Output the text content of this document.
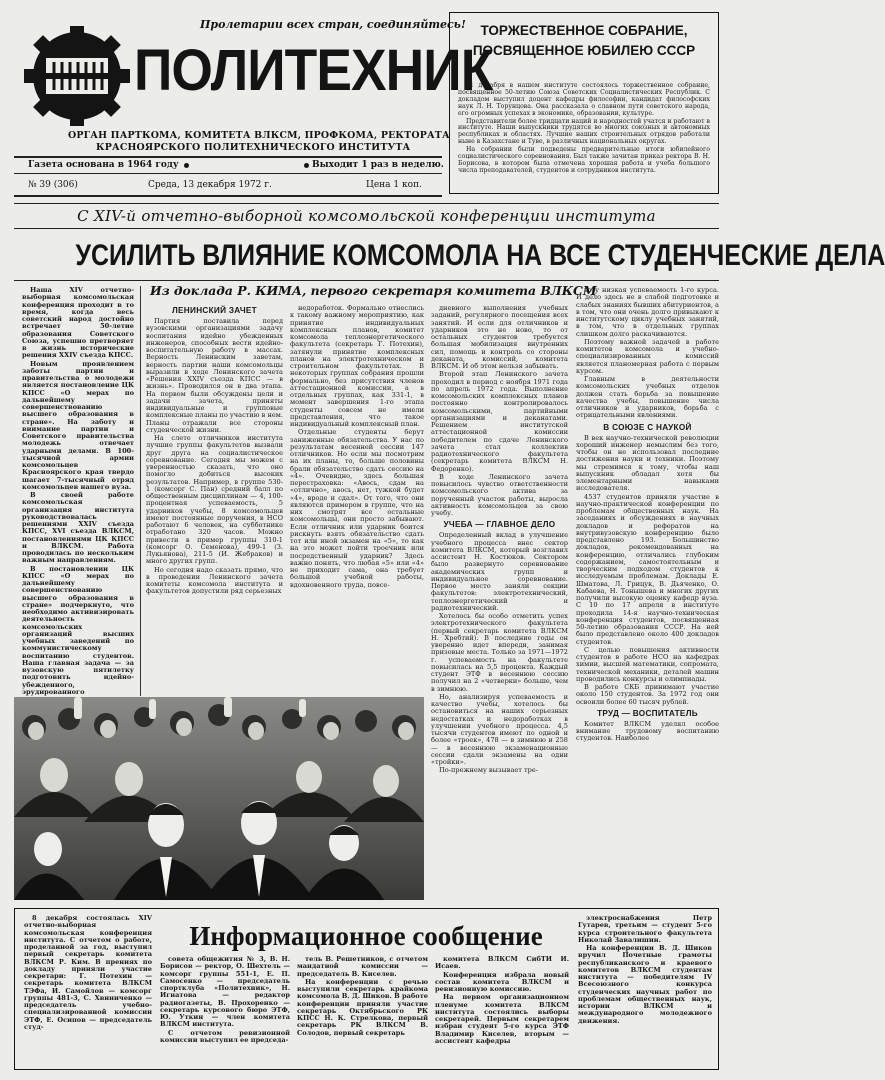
Пролетарии всех стран, соединяйтесь!
ПОЛИТЕХНИК
ОРГАН ПАРТКОМА, КОМИТЕТА ВЛКСМ, ПРОФКОМА, РЕКТОРАТА
КРАСНОЯРСКОГО ПОЛИТЕХНИЧЕСКОГО ИНСТИТУТА
Газета основана в 1964 году	Выходит 1 раз в неделю.
№ 39 (306)	Среда, 13 декабря 1972 г.	Цена 1 коп.
ТОРЖЕСТВЕННОЕ СОБРАНИЕ,
ПОСВЯЩЕННОЕ ЮБИЛЕЮ СССР

11 декабря в нашем институте состоялось торжественное собрание, посвященное 50-летию Союза Советских Социалистических Республик. С докладом выступил доцент кафедры философии, кандидат философских наук Л. Н. Торунцова. Она рассказала о славном пути советского народа, его огромных успехах в экономике, образовании, культуре.

Представители более тридцати наций и народностей учатся и работают в институте. Наши выпускники трудятся во многих союзных и автономных республиках и областях. Лучшие наших строительных отрядов работали ныне в Казахстане и Туве, в различных национальных округах.

На собрании были подведены предварительные итоги юбилейного социалистического соревнования. Был также зачитан приказ ректора В. Н. Борисова, в котором была отмечена хорошая работа и учеба большого числа преподавателей, студентов и сотрудников института.

С XIV-й отчетно-выборной комсомольской конференции института
УСИЛИТЬ ВЛИЯНИЕ КОМСОМОЛА НА ВСЕ СТУДЕНЧЕСКИЕ ДЕЛА
Из доклада Р. КИМА, первого секретаря комитета ВЛКСМ

Наша XIV отчетно-выборная комсомольская конференция проходит в то время, когда весь советский народ достойно встречает 50-летие образования Советского Союза, успешно претворяет в жизнь исторические решения XXIV съезда КПСС.

Новым проявлением заботы партии и правительства о молодежи является постановление ЦК КПСС «О мерах по дальнейшему совершенствованию высшего образования в стране». На заботу и внимание партии и Советского правительства молодежь отвечает ударными делами. В 100-тысячной армии комсомольцев Красноярского края твердо шагает 7-тысячный отряд комсомольцев нашего вуза.

В своей работе комсомольская организация института руководствовалась решениями XXIV съезда КПСС, XVI съезда ВЛКСМ, постановлениями ЦК КПСС и ВЛКСМ. Работа проводилась по нескольким важным направлениям.

В постановлении ЦК КПСС «О мерах по дальнейшему совершенствованию высшего образования в стране» подчеркнуто, что необходимо активизировать деятельность комсомольских организаций высших учебных заведений по коммунистическому воспитанию студентов. Наша главная задача — за вузовскую пятилетку подготовить идейно-убежденного, эрудированного

ЛЕНИНСКИЙ ЗАЧЕТ

Партия поставила перед вузовскими организациями задачу воспитания идейно убежденных инженеров, способных вести идейно-воспитательную работу в массах. Верность Ленинским заветам, верность партии наши комсомольцы выразили в ходе Ленинского зачета «Решения XXIV съезда КПСС — в жизнь». Проводился он в два этапа. На первом были обсуждены цели и задачи зачета, приняты индивидуальные и групповые комплексные планы по участию в нем. Планы отражали все стороны студенческой жизни.

На слете отличников института лучшие группы факультетов вызвали друг друга на социалистическое соревнование. Сегодня мы можем с уверенностью сказать, что оно помогло добиться высоких результатов. Например, в группе 530-1 (комсорг С. Пан) средний балл по общественным дисциплинам — 4, 100-процентная успеваемость, 5 ударников учебы, 8 комсомольцев имеют постоянные поручения, в НСО работают 6 человек, на субботнике отработано 320 часов. Можно привести в пример группы 310-1 (комсорг О. Семенова), 499-1 (З. Лукьянова), 211-5 (И. Жебраков) и много других групп.

Но сегодня надо сказать прямо, что в проведении Ленинского зачета комитеты комсомола института и факультетов допустили ряд серьезных

недоработок. Формально отнеслись к такому важному мероприятию, как принятие индивидуальных комплексных планов, комитет комсомола теплоэнергетического факультета (секретарь Г. Потехин), затянули принятие комплексных планов на электротехническом и строительном факультетах. В некоторых группах собрания прошли формально, без присутствия членов аттестационной комиссии, а в отдельных группах, как 331-1, в момент завершения 1-го этапа студенты совсем не имели представления, что такое индивидуальный комплексный план.

Отдельные студенты берут заниженные обязательства. У нас по результатам весенней сессии 147 отличников. Но если мы посмотрим на их планы, то, больше половины брали обязательство сдать сессию на «4». Очевидно, здесь большая перестраховка: «Авось, сдам на «отлично», авось, нет, тужкой будет «4», вроде и сдал». От того, что они являются примером в группе, что на них смотрят все остальные комсомольцы, они просто забывают. Если отличник или ударник боится рискнуть взять обязательство сдать тот или иной экзамен на «5», то как на это может пойти троечник или посредственный ударник? Здесь важно понять, что любая «5» или «4» не приходит сама, она требует большой учебной работы, вдохновенного труда, повсе-

дневного выполнения учебных заданий, регулярного посещения всех занятий. И если для отличников и ударников это не ново, то от остальных студентов требуется большая мобилизация внутренних сил, помощь и контроль со стороны деканата, комиссий, комитета ВЛКСМ. И об этом нельзя забывать.

Второй этап Ленинского зачета проходил в период с ноября 1971 года по апрель 1972 года. Выполнение комсомольских комплексных планов постоянно контролировалось комсомольскими, партийными организациями и деканатами. Решением институтской аттестационной комиссии победителем по сдаче Ленинского зачета стал коллектив радиотехнического факультета (секретарь комитета ВЛКСМ Н. Федоренко).

В ходе Ленинского зачета повысилось чувство ответственности комсомольского актива за порученный участок работы, выросла активность комсомольцев за свою учебу.

УЧЕБА — ГЛАВНОЕ ДЕЛО

Определенный вклад в улучшение учебного процесса внес сектор комитета ВЛКСМ, который возглавил ассистент Н. Костюков. Сектором было развернуто соревнование академических групп и индивидуальное соревнование. Первое место заняли секции факультетов: электротехнический, теплоэнергетический и радиотехнический.

Хотелось бы особо отметить успех электротехнического факультета (первый секретарь комитета ВЛКСМ Н. Хребтий). В последние годы он уверенно идет впереди, занимая призовые места. Только за 1971—1972 г. успеваемость на факультете повысилась на 5,5 процента. Каждый студент ЭТФ в весеннюю сессию получил на 2 «четверки» больше, чем в зимнюю.

Но, анализируя успеваемость и качество учебы, хотелось бы остановиться на наших серьезных недостатках и недоработках в улучшении учебного процесса. 4,5 тысячи студентов имеют по одной и более «троек», 478 — в зимнюю и 258 — в весеннюю экзаменационные сессии сдали экзамены на одни «тройки».

По-прежнему вызывает тре-

вогу низкая успеваемость 1-го курса. И дело здесь не в слабой подготовке и слабых знаниях бывших абитуриентов, а в том, что они очень долго привыкают к институтскому циклу учебных занятий, в том, что в отдельных группах слишком долго раскачиваются.

Поэтому важной задачей в работе комитетов комсомола и учебно-специализированных комиссий является планомерная работа с первым курсом.

Главным в деятельности комсомольских учебных отделов должен стать борьба за повышение качества учебы, повышение числа отличников и ударников, борьба с отрицательными явлениями.

В СОЮЗЕ С НАУКОЙ

В век научно-технической революции хороший инженер немыслим без того, чтобы он не использовал последние достижения науки и техники. Поэтому мы стремимся к тому, чтобы наш выпускник обладал хотя бы элементарными навыками исследователя.

4537 студентов приняли участие в научно-практической конференции по проблемам общественных наук. На заседаниях и обсуждениях в научных докладов и рефератов на внутривузовскую конференцию было представлено 193. Большинство докладов, рекомендованных на конференцию, отличались глубоким содержанием, самостоятельным и творческим подходом студентов к исследуемым проблемам. Доклады Е. Шматова, Л. Грицук, В. Дьяченко, О. Кабаева, Н. Тонышева и многих других получили высокую оценку кафедр вуза. С 10 по 17 апреля в институте проходила 14-я научно-техническая конференция студентов, посвященная 50-летию образования СССР. На ней было представлено около 400 докладов студентов.

С целью повышения активности студентов в работе НСО на кафедрах химии, высшей математики, сопромата, технической механики, деталей машин проводились конкурсы и олимпиады.

В работе СКБ принимают участие около 150 студентов. За 1972 год они освоили более 60 тысяч рублей.

ТРУД — ВОСПИТАТЕЛЬ

Комитет ВЛКСМ уделял особое внимание трудовому воспитанию студентов. Наиболее

8 декабря состоялась XIV отчетно-выборная комсомольская конференция института. С отчетом о работе, проделанной за год, выступил первый секретарь комитета ВЛКСМ Р. Ким. В прениях по докладу приняли участие секретари: Г. Потехин — секретарь комитета ВЛКСМ ТЭФа, И. Самойлов — комсорг группы 481-3, С. Хвиниченко — председатель учебно-специализированной комиссии ЭТФ, Е. Осипов — председатель студ-

Информационное сообщение

совета общежития № 3, В. Н. Борисов — ректор, О. Шехтель — комсорг группы 551-1, Е. П. Самосенко — председатель спортклуба «Политехник», Н. Игнатова — редактор радиогазеты, В. Прохоренко — секретарь курсового бюро ЭТФ, Ю. Уткин — член комитета ВЛКСМ института.

С отчетом ревизионной комиссии выступил ее председа-

тель В. Решетников, с отчетом мандатной комиссии — председатель В. Киселев.

На конференции с речью выступили секретарь крайкома комсомола В. Д. Шиков. В работе конференции приняли участие секретарь Октябрьского РК КПСС Н. К. Стрелкова, первый секретарь РК ВЛКСМ В. Солодов, первый секретарь

комитета ВЛКСМ СибТИ И. Исаев.

Конференция избрала новый состав комитета ВЛКСМ и ревизионную комиссию.

На первом организационном пленуме комитета ВЛКСМ института состоялись выборы секретарей. Первым секретарем избран студент 5-го курса ЭТФ Владимир Киселев, вторым — ассистент кафедры

электроснабжения Петр Гутарев, третьим — студент 5-го курса строительного факультета Николай Завалишин.

На конференции В. Д. Шиков вручил Почетные грамоты республиканского и краевого комитетов ВЛКСМ студентам института — победителям IV Всесоюзного конкурса студенческих научных работ по проблемам общественных наук, истории ВЛКСМ и международного молодежного движения.
